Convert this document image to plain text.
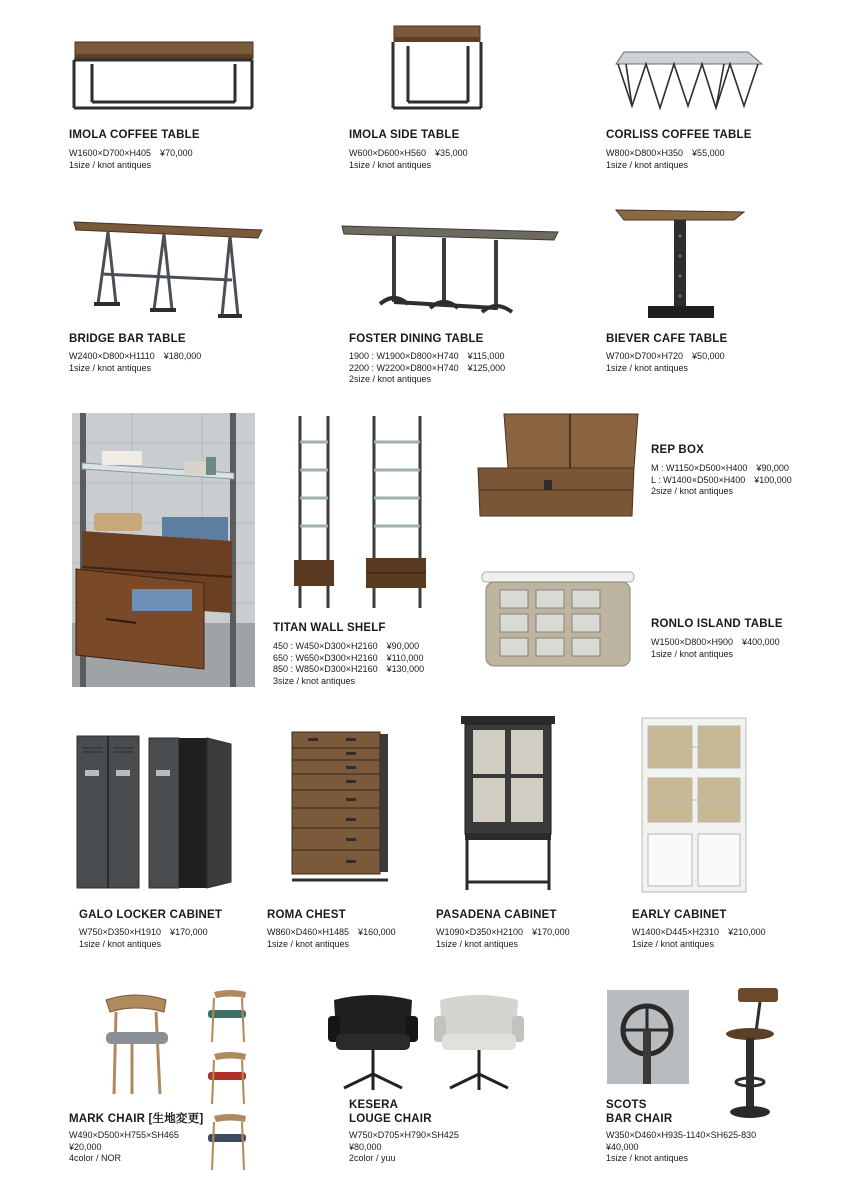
IMOLA COFFEE TABLE
W1600×D700×H405　¥70,000
1size / knot antiques
IMOLA SIDE TABLE
W600×D600×H560　¥35,000
1size / knot antiques
CORLISS COFFEE TABLE
W800×D800×H350　¥55,000
1size / knot antiques
BRIDGE BAR TABLE
W2400×D800×H1110　¥180,000
1size / knot antiques
FOSTER DINING TABLE
1900 : W1900×D800×H740　¥115,000
2200 : W2200×D800×H740　¥125,000
2size / knot antiques
BIEVER CAFE TABLE
W700×D700×H720　¥50,000
1size / knot antiques
TITAN WALL SHELF
450 : W450×D300×H2160　¥90,000
650 : W650×D300×H2160　¥110,000
850 : W850×D300×H2160　¥130,000
3size / knot antiques
REP BOX
M : W1150×D500×H400　¥90,000
L : W1400×D500×H400　¥100,000
2size / knot antiques
RONLO ISLAND TABLE
W1500×D800×H900　¥400,000
1size / knot antiques
GALO LOCKER CABINET
W750×D350×H1910　¥170,000
1size / knot antiques
ROMA CHEST
W860×D460×H1485　¥160,000
1size / knot antiques
PASADENA CABINET
W1090×D350×H2100　¥170,000
1size / knot antiques
EARLY CABINET
W1400×D445×H2310　¥210,000
1size / knot antiques
MARK CHAIR [生地変更]
W490×D500×H755×SH465
¥20,000
4color / NOR
KESERA
LOUGE CHAIR
W750×D705×H790×SH425
¥80,000
2color / yuu
SCOTS
BAR CHAIR
W350×D460×H935-1140×SH625-830
¥40,000
1size / knot antiques
